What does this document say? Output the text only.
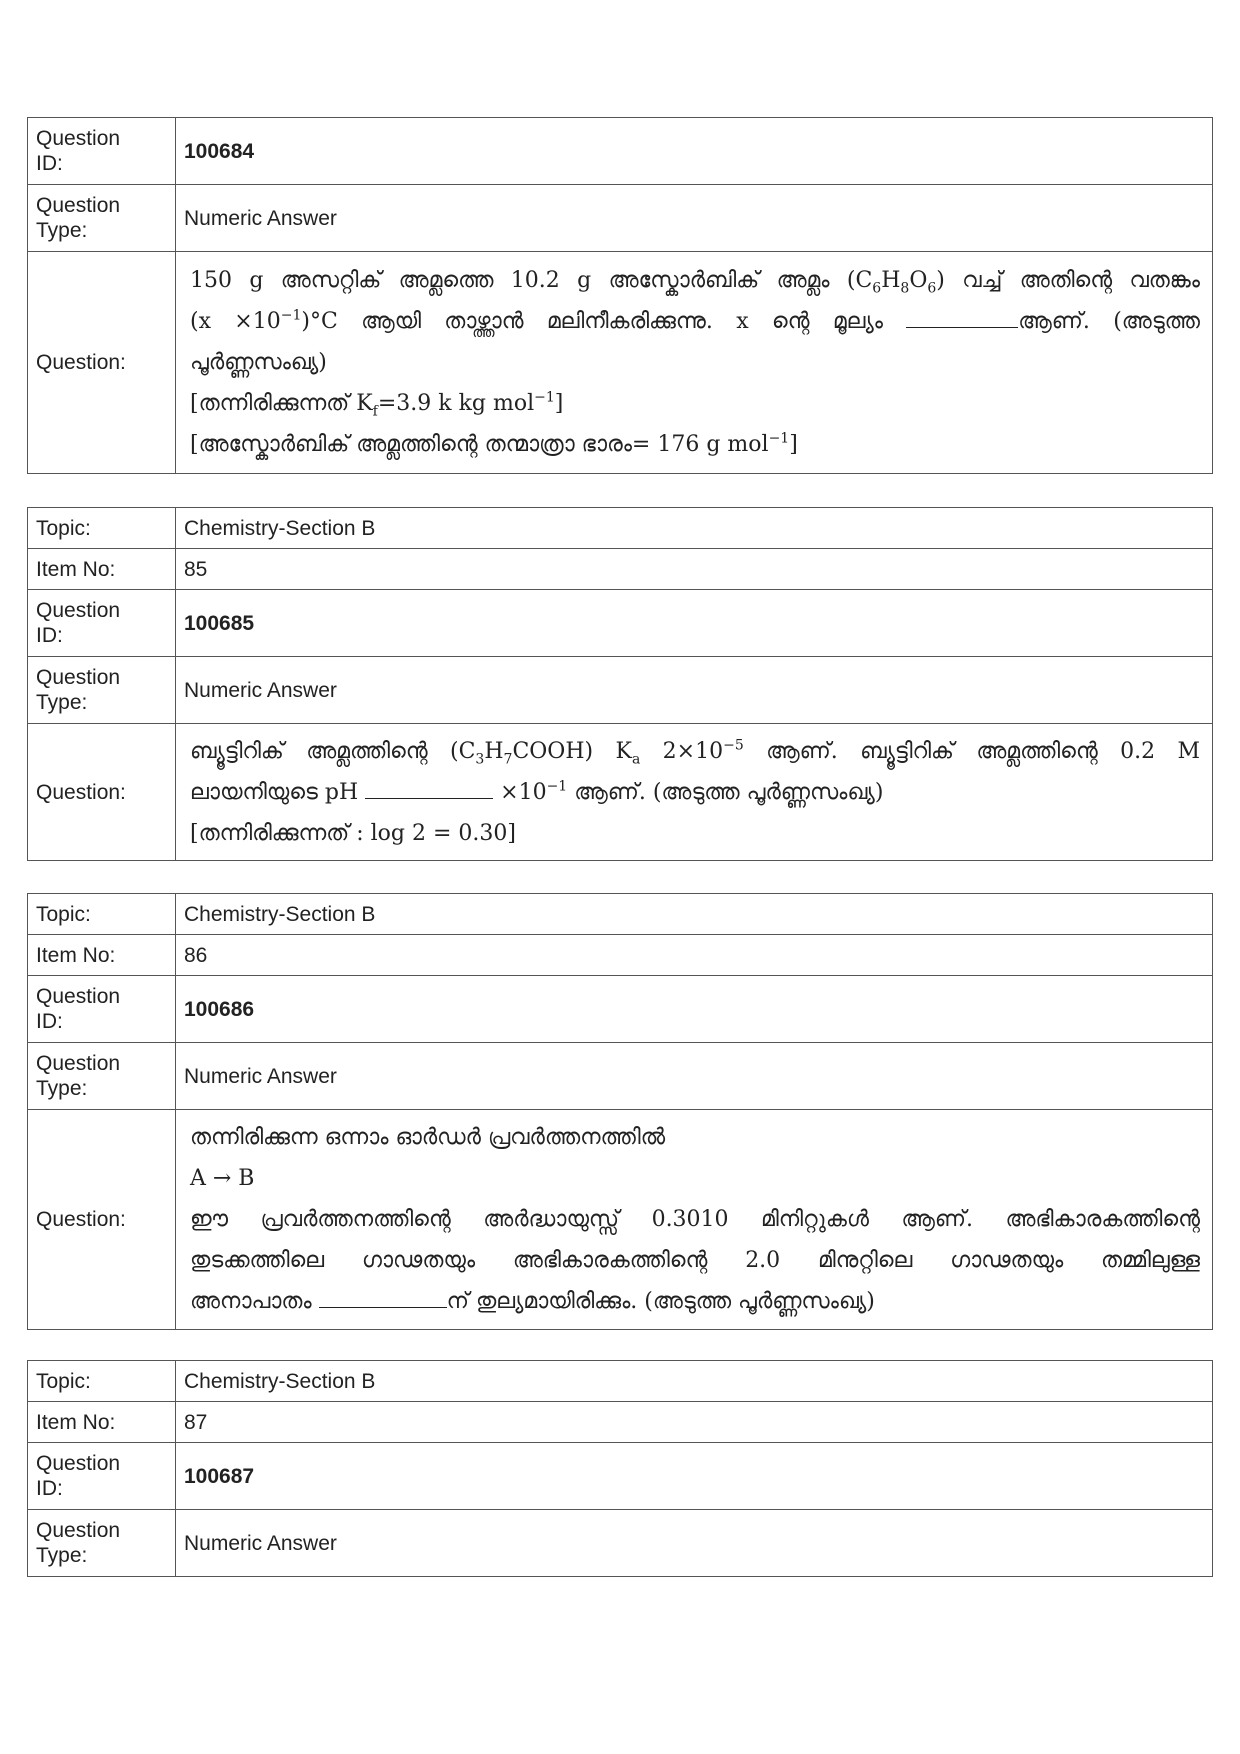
Question
ID:	100684
Question
Type:	Numeric Answer
Question:	150 g അസറ്റിക് അമ്ലത്തെ 10.2 g അസ്കോർബിക് അമ്ലം $(C_6H_8O_6)$ വച്ച് അതിന്റെ വതങ്കം

$(x \times 10^{-1})^\circ C$ ആയി താഴ്ത്താൻ മലിനീകരിക്കുന്നു. x ന്റെ മൂല്യം ആണ്. (അടുത്ത

പൂർണ്ണസംഖ്യ)

[തന്നിരിക്കുന്നത് $K_f=3.9$ k kg mol$^{-1}$]

[അസ്കോർബിക് അമ്ലത്തിന്റെ തന്മാത്രാ ഭാരം= 176 g mol$^{-1}$]

Topic:	Chemistry-Section B
Item No:	85
Question
ID:	100685
Question
Type:	Numeric Answer
Question:	ബ്യൂട്ടിറിക് അമ്ലത്തിന്റെ $(C_3H_7COOH)$ $K_a$ $2\times 10^{-5}$ ആണ്. ബ്യൂട്ടിറിക് അമ്ലത്തിന്റെ 0.2 M

ലായനിയുടെ pH $\times 10^{-1}$ ആണ്. (അടുത്ത പൂർണ്ണസംഖ്യ)

[തന്നിരിക്കുന്നത് : log 2 = 0.30]

Topic:	Chemistry-Section B
Item No:	86
Question
ID:	100686
Question
Type:	Numeric Answer
Question:	തന്നിരിക്കുന്ന ഒന്നാം ഓർഡർ പ്രവർത്തനത്തിൽ

A → B

ഈ പ്രവർത്തനത്തിന്റെ അർദ്ധായുസ്സ് 0.3010 മിനിറ്റുകൾ ആണ്. അഭികാരകത്തിന്റെ

തുടക്കത്തിലെ ഗാഢതയും അഭികാരകത്തിന്റെ 2.0 മിനുറ്റിലെ ഗാഢതയും തമ്മിലുള്ള

അനാപാതം ന് തുല്യമായിരിക്കും. (അടുത്ത പൂർണ്ണസംഖ്യ)

Topic:	Chemistry-Section B
Item No:	87
Question
ID:	100687
Question
Type:	Numeric Answer
